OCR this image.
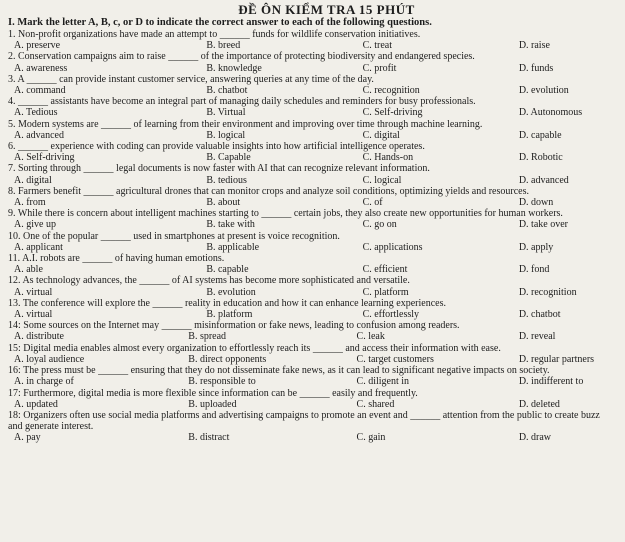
ĐỀ ÔN KIỂM TRA 15 PHÚT
I. Mark the letter A, B, c, or D to indicate the correct answer to each of the following questions.

1. Non-profit organizations have made an attempt to ______ funds for wildlife conservation initiatives.

A. preserve	B. breed	C. treat	D. raise

2. Conservation campaigns aim to raise ______ of the importance of protecting biodiversity and endangered species.

A. awareness	B. knowledge	C. profit	D. funds

3. A ______ can provide instant customer service, answering queries at any time of the day.

A. command	B. chatbot	C. recognition	D. evolution

4. ______ assistants have become an integral part of managing daily schedules and reminders for busy professionals.

A. Tedious	B. Virtual	C. Self-driving	D. Autonomous

5. Modern systems are ______ of learning from their environment and improving over time through machine learning.

A. advanced	B. logical	C. digital	D. capable

6. ______ experience with coding can provide valuable insights into how artificial intelligence operates.

A. Self-driving	B. Capable	C. Hands-on	D. Robotic

7. Sorting through ______ legal documents is now faster with AI that can recognize relevant information.

A. digital	B. tedious	C. logical	D. advanced

8. Farmers benefit ______ agricultural drones that can monitor crops and analyze soil conditions, optimizing yields and resources.

A. from	B. about	C. of	D. down

9. While there is concern about intelligent machines starting to ______ certain jobs, they also create new opportunities for human workers.

A. give up	B. take with	C. go on	D. take over

10. One of the popular ______ used in smartphones at present is voice recognition.

A. applicant	B. applicable	C. applications	D. apply

11. A.I. robots are ______ of having human emotions.

A. able	B. capable	C. efficient	D. fond

12. As technology advances, the ______ of AI systems has become more sophisticated and versatile.

A. virtual	B. evolution	C. platform	D. recognition

13. The conference will explore the ______ reality in education and how it can enhance learning experiences.

A. virtual	B. platform	C. effortlessly	D. chatbot

14: Some sources on the Internet may ______ misinformation or fake news, leading to confusion among readers.

A. distribute	B. spread	C. leak	D. reveal

15: Digital media enables almost every organization to effortlessly reach its ______ and access their information with ease.

A. loyal audience	B. direct opponents	C. target customers	D. regular partners

16: The press must be ______ ensuring that they do not disseminate fake news, as it can lead to significant negative impacts on society.

A. in charge of	B. responsible to	C. diligent in	D. indifferent to

17: Furthermore, digital media is more flexible since information can be ______ easily and frequently.

A. updated	B. uploaded	C. shared	D. deleted

18: Organizers often use social media platforms and advertising campaigns to promote an event and ______ attention from the public to create buzz and generate interest.

A. pay	B. distract	C. gain	D. draw
